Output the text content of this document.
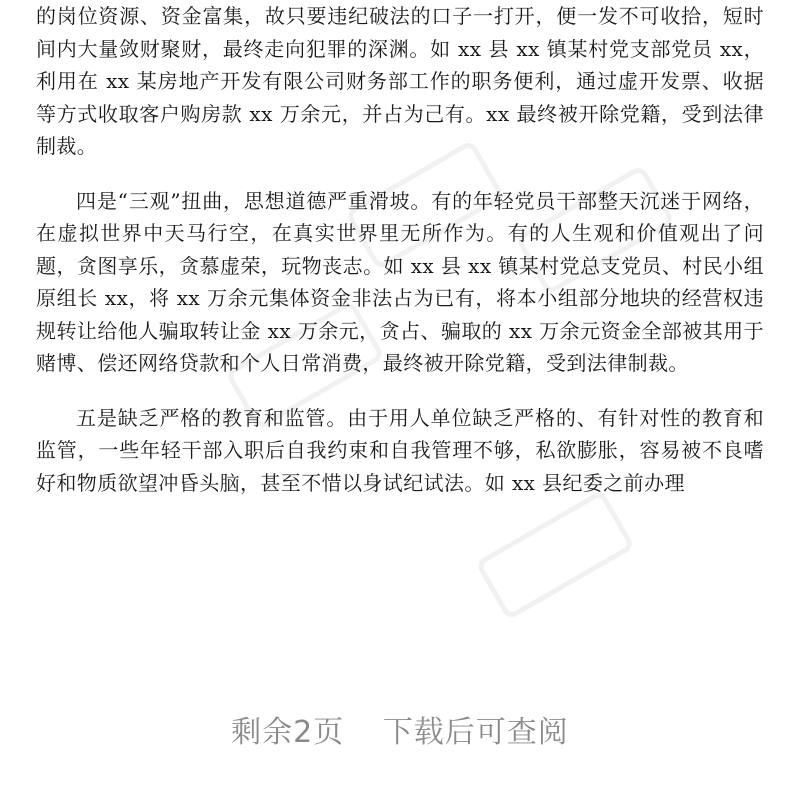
的岗位资源、资金富集，故只要违纪破法的口子一打开，便一发不可收拾，短时间内大量敛财聚财，最终走向犯罪的深渊。如 xx 县 xx 镇某村党支部党员 xx，利用在 xx 某房地产开发有限公司财务部工作的职务便利，通过虚开发票、收据等方式收取客户购房款 xx 万余元，并占为己有。xx 最终被开除党籍，受到法律制裁。

四是“三观”扭曲，思想道德严重滑坡。有的年轻党员干部整天沉迷于网络，在虚拟世界中天马行空，在真实世界里无所作为。有的人生观和价值观出了问题，贪图享乐，贪慕虚荣，玩物丧志。如 xx 县 xx 镇某村党总支党员、村民小组原组长 xx，将 xx 万余元集体资金非法占为已有，将本小组部分地块的经营权违规转让给他人骗取转让金 xx 万余元，贪占、骗取的 xx 万余元资金全部被其用于赌博、偿还网络贷款和个人日常消费，最终被开除党籍，受到法律制裁。

五是缺乏严格的教育和监管。由于用人单位缺乏严格的、有针对性的教育和监管，一些年轻干部入职后自我约束和自我管理不够，私欲膨胀，容易被不良嗜好和物质欲望冲昏头脑，甚至不惜以身试纪试法。如 xx 县纪委之前办理

剩余2页 下载后可查阅
